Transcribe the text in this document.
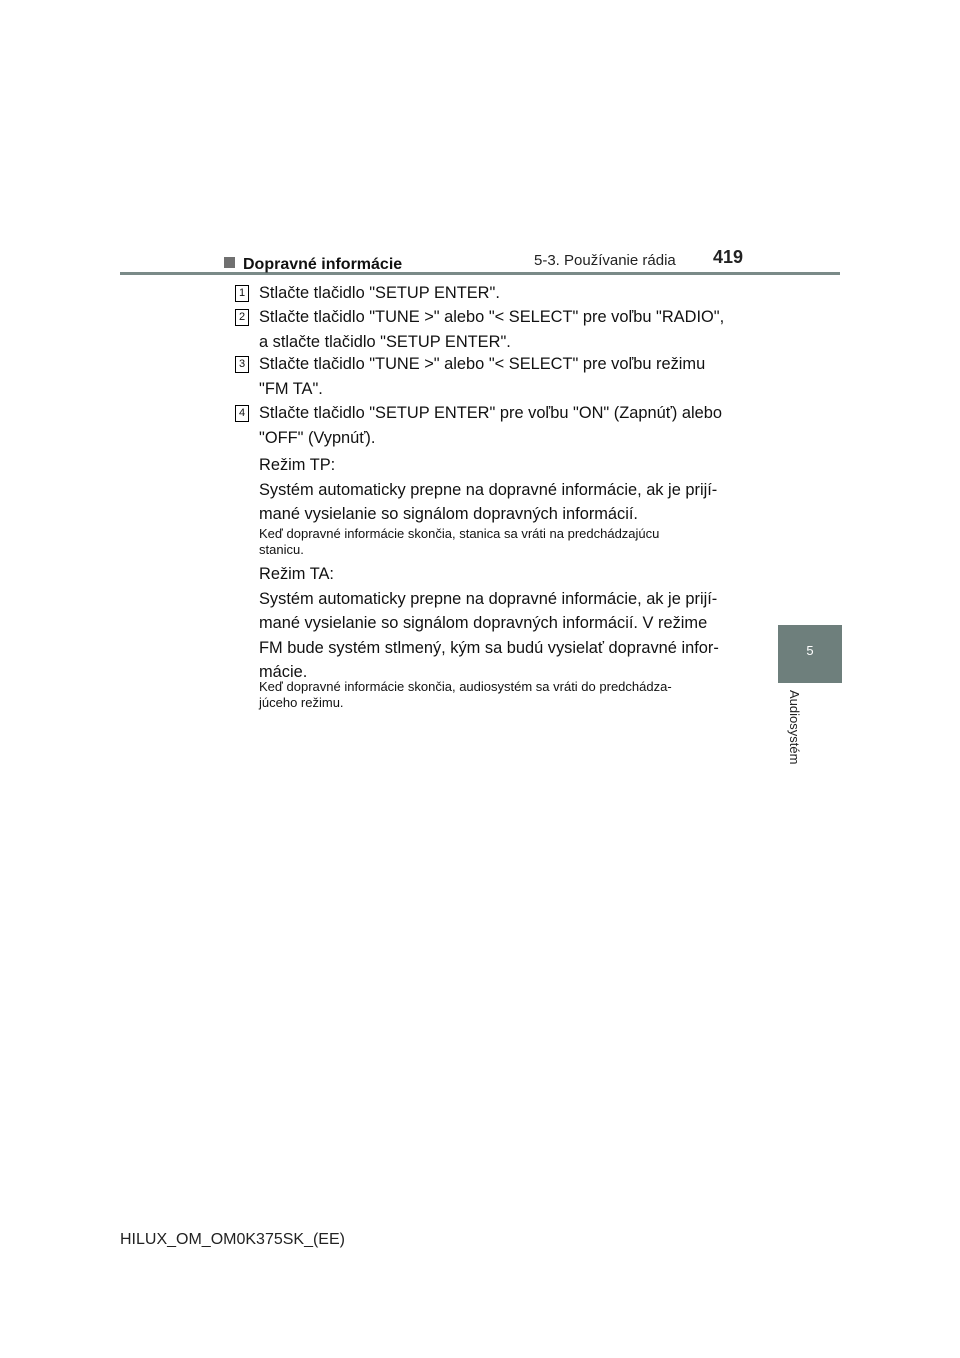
5-3. Používanie rádia 419
5
Audiosystém
Dopravné informácie
1 Stlačte tlačidlo "SETUP ENTER".
2 Stlačte tlačidlo "TUNE >" alebo "< SELECT" pre voľbu "RADIO",
a stlačte tlačidlo "SETUP ENTER".
3 Stlačte tlačidlo "TUNE >" alebo "< SELECT" pre voľbu režimu
"FM TA".
4 Stlačte tlačidlo "SETUP ENTER" pre voľbu "ON" (Zapnúť) alebo
"OFF" (Vypnúť).
Režim TP:
Systém automaticky prepne na dopravné informácie, ak je prijí-
mané vysielanie so signálom dopravných informácií.
Keď dopravné informácie skončia, stanica sa vráti na predchádzajúcu
stanicu.
Režim TA:
Systém automaticky prepne na dopravné informácie, ak je prijí-
mané vysielanie so signálom dopravných informácií. V režime
FM bude systém stlmený, kým sa budú vysielať dopravné infor-
mácie.
Keď dopravné informácie skončia, audiosystém sa vráti do predchádza-
júceho režimu.
HILUX_OM_OM0K375SK_(EE)
